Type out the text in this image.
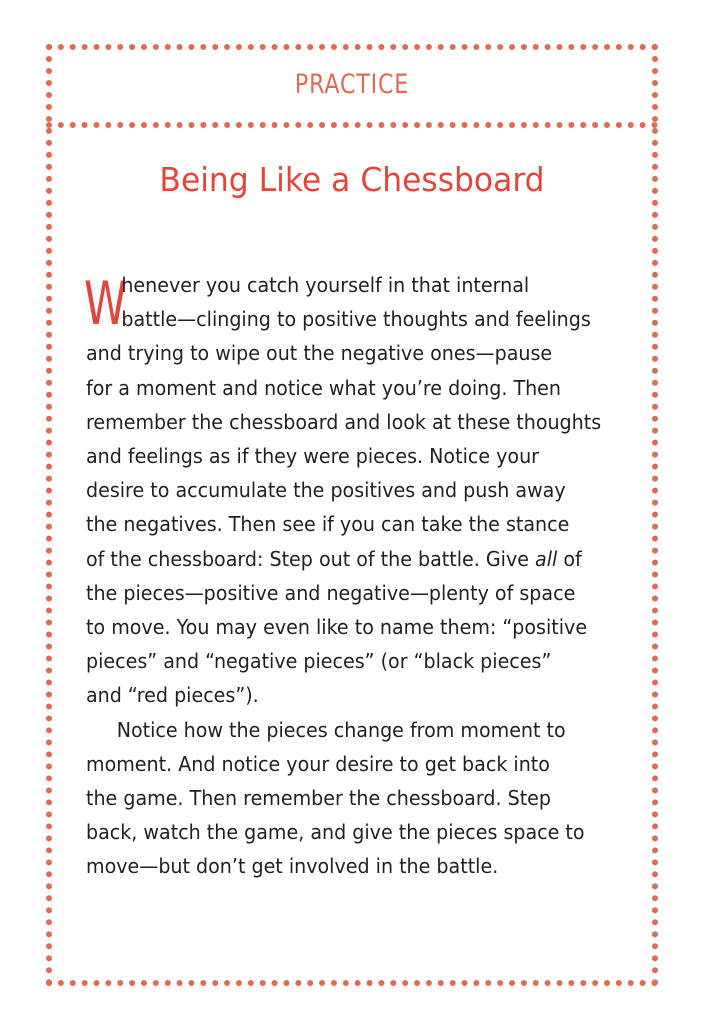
PRACTICE
Being Like a Chessboard
W
henever you catch yourself in that internal
battle—clinging to positive thoughts and feelings
and trying to wipe out the negative ones—pause
for a moment and notice what you’re doing. Then
remember the chessboard and look at these thoughts
and feelings as if they were pieces. Notice your
desire to accumulate the positives and push away
the negatives. Then see if you can take the stance
of the chessboard: Step out of the battle. Give all of
the pieces—positive and negative—plenty of space
to move. You may even like to name them: “positive
pieces” and “negative pieces” (or “black pieces”
and “red pieces”).
Notice how the pieces change from moment to
moment. And notice your desire to get back into
the game. Then remember the chessboard. Step
back, watch the game, and give the pieces space to
move—but don’t get involved in the battle.
